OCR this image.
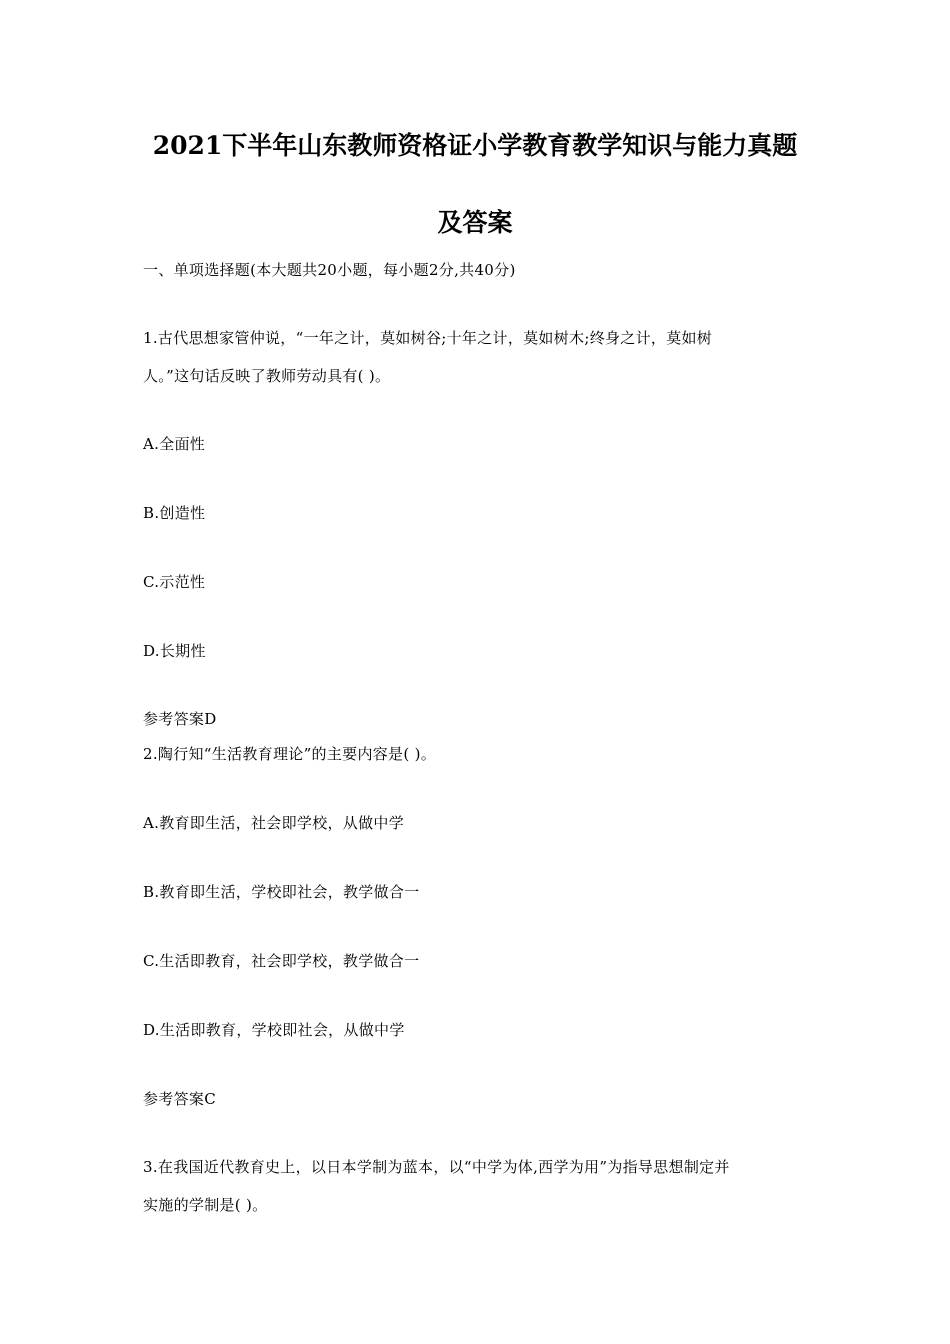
2021下半年山东教师资格证小学教育教学知识与能力真题
及答案
一、单项选择题(本大题共20小题，每小题2分,共40分)
1.古代思想家管仲说，“一年之计，莫如树谷;十年之计，莫如树木;终身之计，莫如树
人。”这句话反映了教师劳动具有( )。
A.全面性
B.创造性
C.示范性
D.长期性
参考答案D
2.陶行知“生活教育理论”的主要内容是( )。
A.教育即生活，社会即学校，从做中学
B.教育即生活，学校即社会，教学做合一
C.生活即教育，社会即学校，教学做合一
D.生活即教育，学校即社会，从做中学
参考答案C
3.在我国近代教育史上，以日本学制为蓝本，以“中学为体,西学为用”为指导思想制定并
实施的学制是( )。
